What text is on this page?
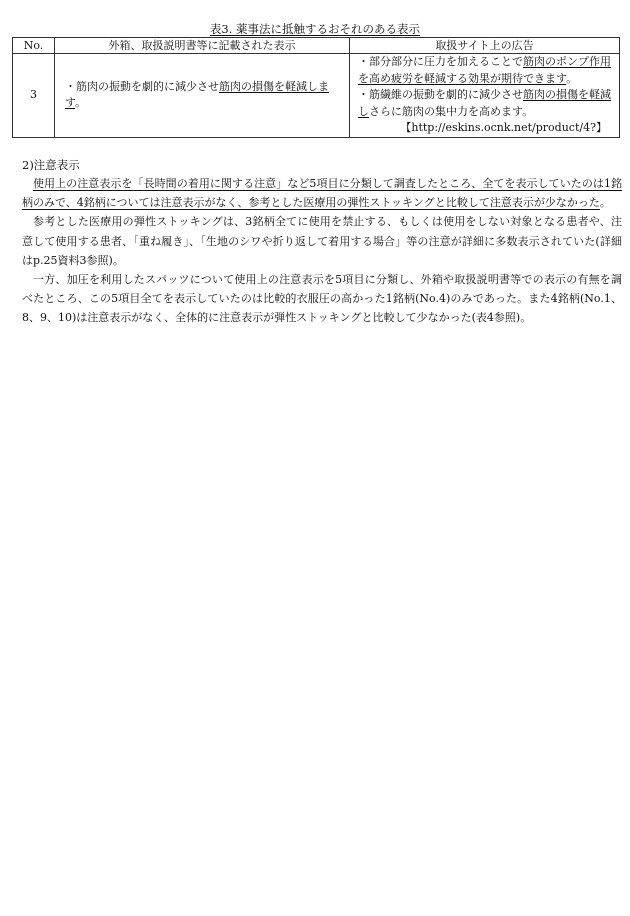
表3. 薬事法に抵触するおそれのある表示
No.	外箱、取扱説明書等に記載された表示	取扱サイト上の広告
3	・筋肉の振動を劇的に減少させ筋肉の損傷を軽減します。	・部分部分に圧力を加えることで筋肉のポンプ作用を高め疲労を軽減する効果が期待できます。
・筋繊維の振動を劇的に減少させ筋肉の損傷を軽減しさらに筋肉の集中力を高めます。
【http://eskins.ocnk.net/product/4?】
2)注意表示

使用上の注意表示を「長時間の着用に関する注意」など5項目に分類して調査したところ、全てを表示していたのは1銘柄のみで、4銘柄については注意表示がなく、参考とした医療用の弾性ストッキングと比較して注意表示が少なかった。

参考とした医療用の弾性ストッキングは、3銘柄全てに使用を禁止する、もしくは使用をしない対象となる患者や、注意して使用する患者、「重ね履き」、「生地のシワや折り返して着用する場合」等の注意が詳細に多数表示されていた(詳細はp.25資料3参照)。

一方、加圧を利用したスパッツについて使用上の注意表示を5項目に分類し、外箱や取扱説明書等での表示の有無を調べたところ、この5項目全てを表示していたのは比較的衣服圧の高かった1銘柄(No.4)のみであった。また4銘柄(No.1、8、9、10)は注意表示がなく、全体的に注意表示が弾性ストッキングと比較して少なかった(表4参照)。
